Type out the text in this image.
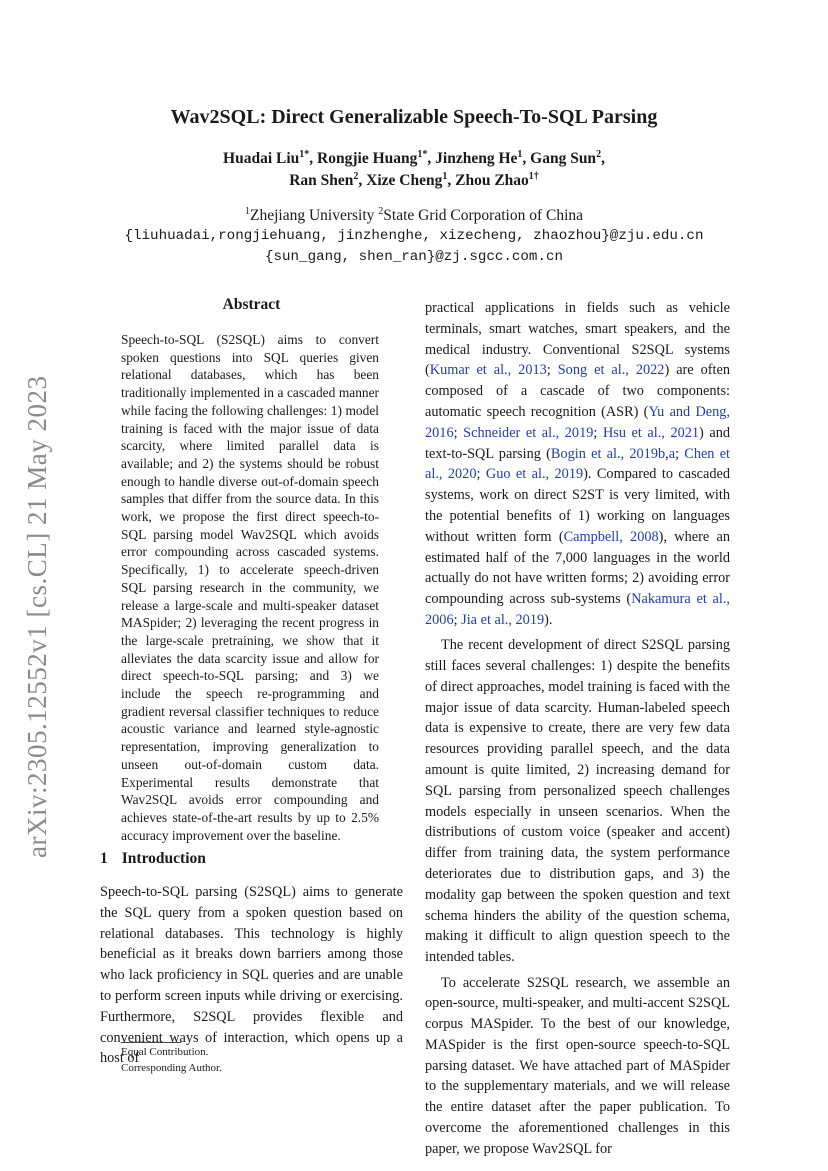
arXiv:2305.12552v1 [cs.CL] 21 May 2023
Wav2SQL: Direct Generalizable Speech-To-SQL Parsing
Huadai Liu$^{1*}$, Rongjie Huang$^{1*}$, Jinzheng He$^1$, Gang Sun$^2$,
Ran Shen$^2$, Xize Cheng$^1$, Zhou Zhao$^{1\dagger}$
$^1$Zhejiang University $^2$State Grid Corporation of China
{liuhuadai,rongjiehuang, jinzhenghe, xizecheng, zhaozhou}@zju.edu.cn
{sun_gang, shen_ran}@zj.sgcc.com.cn
Abstract
Speech-to-SQL (S2SQL) aims to convert spoken questions into SQL queries given relational databases, which has been traditionally implemented in a cascaded manner while facing the following challenges: 1) model training is faced with the major issue of data scarcity, where limited parallel data is available; and 2) the systems should be robust enough to handle diverse out-of-domain speech samples that differ from the source data. In this work, we propose the first direct speech-to-SQL parsing model Wav2SQL which avoids error compounding across cascaded systems. Specifically, 1) to accelerate speech-driven SQL parsing research in the community, we release a large-scale and multi-speaker dataset MASpider; 2) leveraging the recent progress in the large-scale pretraining, we show that it alleviates the data scarcity issue and allow for direct speech-to-SQL parsing; and 3) we include the speech re-programming and gradient reversal classifier techniques to reduce acoustic variance and learned style-agnostic representation, improving generalization to unseen out-of-domain custom data. Experimental results demonstrate that Wav2SQL avoids error compounding and achieves state-of-the-art results by up to 2.5% accuracy improvement over the baseline.
1 Introduction
Speech-to-SQL parsing (S2SQL) aims to generate the SQL query from a spoken question based on relational databases. This technology is highly beneficial as it breaks down barriers among those who lack proficiency in SQL queries and are unable to perform screen inputs while driving or exercising. Furthermore, S2SQL provides flexible and convenient ways of interaction, which opens up a host of
Equal Contribution.
Corresponding Author.

practical applications in fields such as vehicle terminals, smart watches, smart speakers, and the medical industry. Conventional S2SQL systems (Kumar et al., 2013; Song et al., 2022) are often composed of a cascade of two components: automatic speech recognition (ASR) (Yu and Deng, 2016; Schneider et al., 2019; Hsu et al., 2021) and text-to-SQL parsing (Bogin et al., 2019b,a; Chen et al., 2020; Guo et al., 2019). Compared to cascaded systems, work on direct S2ST is very limited, with the potential benefits of 1) working on languages without written form (Campbell, 2008), where an estimated half of the 7,000 languages in the world actually do not have written forms; 2) avoiding error compounding across sub-systems (Nakamura et al., 2006; Jia et al., 2019).

The recent development of direct S2SQL parsing still faces several challenges: 1) despite the benefits of direct approaches, model training is faced with the major issue of data scarcity. Human-labeled speech data is expensive to create, there are very few data resources providing parallel speech, and the data amount is quite limited, 2) increasing demand for SQL parsing from personalized speech challenges models especially in unseen scenarios. When the distributions of custom voice (speaker and accent) differ from training data, the system performance deteriorates due to distribution gaps, and 3) the modality gap between the spoken question and text schema hinders the ability of the question schema, making it difficult to align question speech to the intended tables.

To accelerate S2SQL research, we assemble an open-source, multi-speaker, and multi-accent S2SQL corpus MASpider. To the best of our knowledge, MASpider is the first open-source speech-to-SQL parsing dataset. We have attached part of MASpider to the supplementary materials, and we will release the entire dataset after the paper publication. To overcome the aforementioned challenges in this paper, we propose Wav2SQL for
